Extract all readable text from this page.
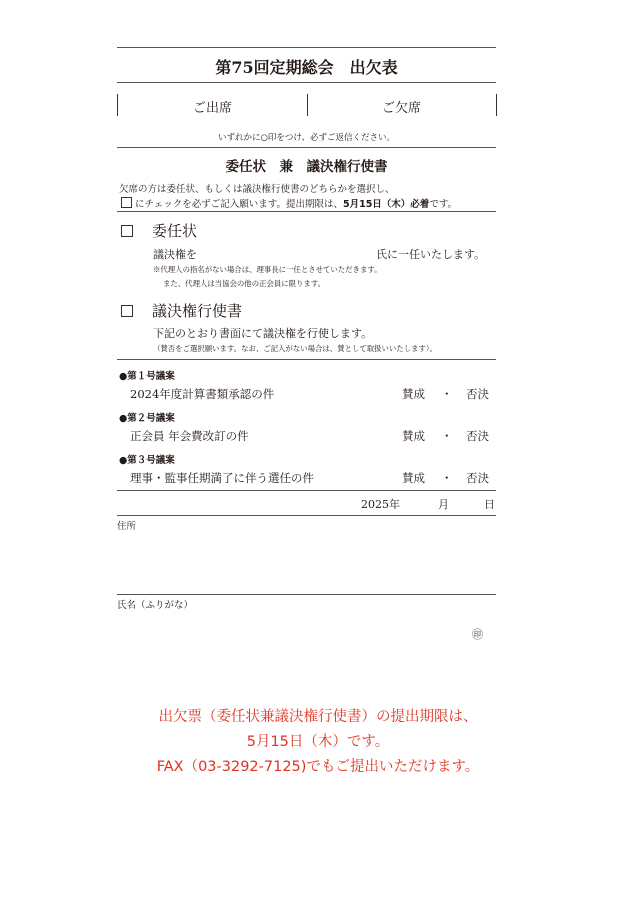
第75回定期総会　出欠表
ご出席	ご欠席
いずれかに○印をつけ、必ずご返信ください。
委任状　兼　議決権行使書
欠席の方は委任状、もしくは議決権行使書のどちらかを選択し、
にチェックを必ずご記入願います。提出期限は、5月15日（木）必着です。
委任状
議決権を	氏に一任いたします。
※代理人の指名がない場合は、理事長に一任とさせていただきます。
また、代理人は当協会の他の正会員に限ります。
議決権行使書
下記のとおり書面にて議決権を行使します。
（賛否をご選択願います。なお、ご記入がない場合は、賛として取扱いいたします）。
●第１号議案
2024年度計算書類承認の件	賛成 ・ 否決
●第２号議案
正会員 年会費改訂の件	賛成 ・ 否決
●第３号議案
理事・監事任期満了に伴う選任の件	賛成 ・ 否決
2025年	月	日
住所
氏名（ふりがな）
㊞
出欠票（委任状兼議決権行使書）の提出期限は、
5月15日（木）です。
FAX（03-3292-7125)でもご提出いただけます。
